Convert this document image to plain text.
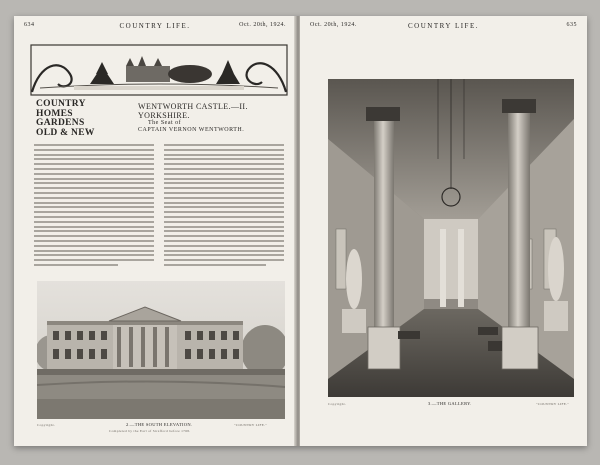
634	COUNTRY LIFE.	Oct. 20th, 1924.
COUNTRY
HOMES
GARDENS
OLD & NEW
WENTWORTH CASTLE.—II.
YORKSHIRE.
The Seat of
CAPTAIN VERNON WENTWORTH.
Copyright.	2.—THE SOUTH ELEVATION.	"COUNTRY LIFE."
Completed by the Earl of Strafford before 1768.
Oct. 20th, 1924.	COUNTRY LIFE.	635
Copyright.	3.—THE GALLERY.	"COUNTRY LIFE."
